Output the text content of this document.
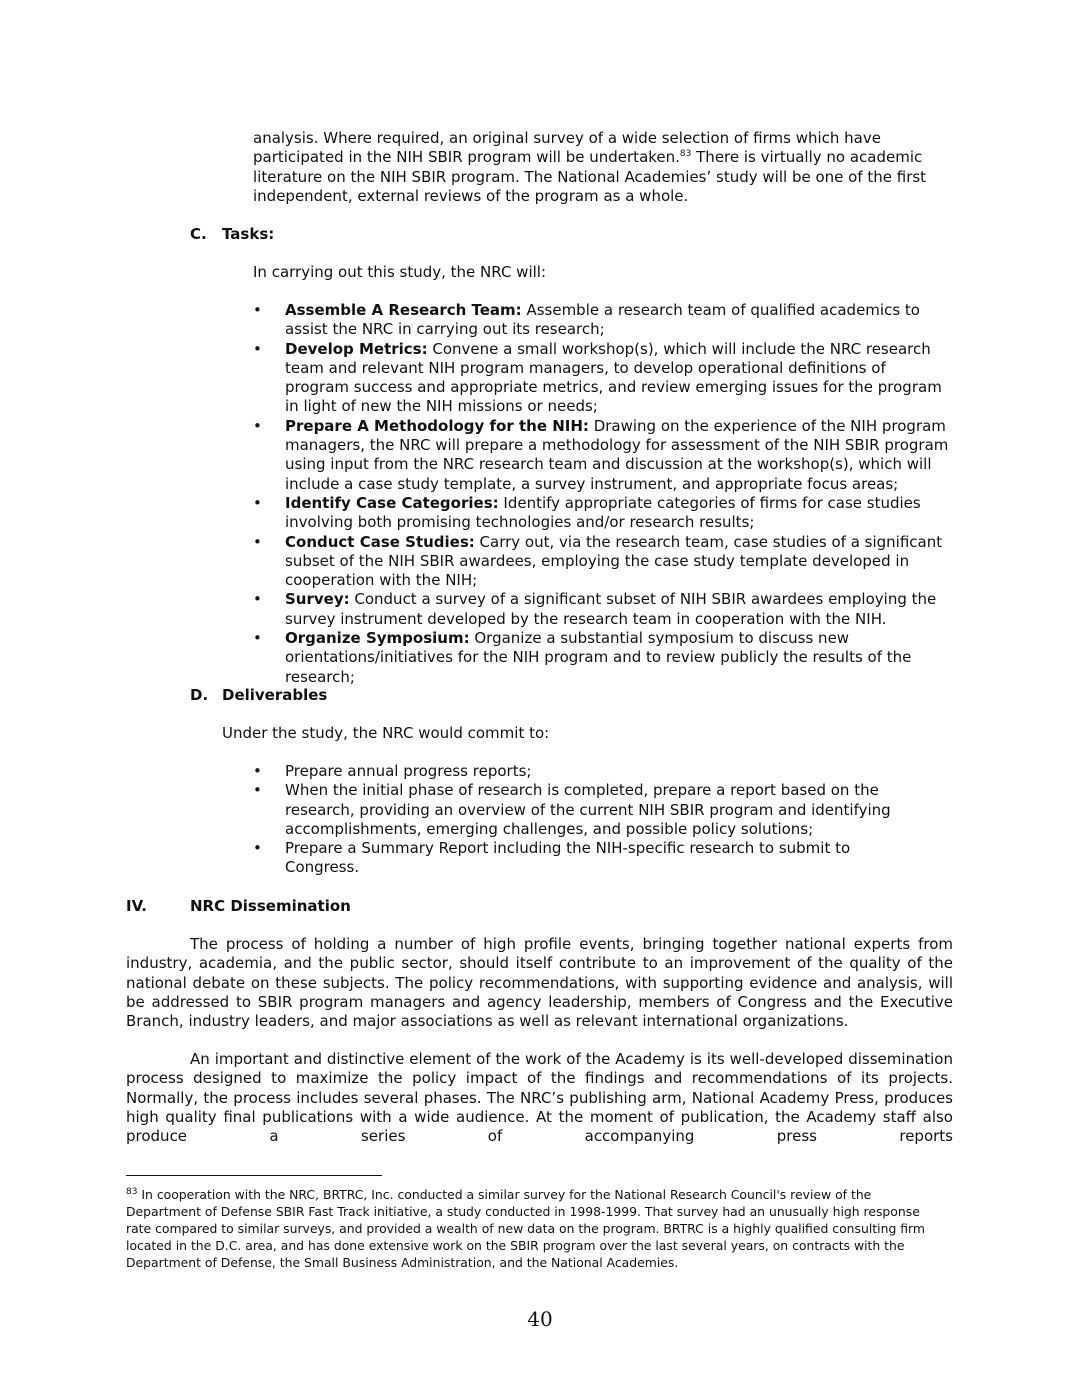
analysis. Where required, an original survey of a wide selection of firms which have participated in the NIH SBIR program will be undertaken.$^{83}$ There is virtually no academic literature on the NIH SBIR program. The National Academies’ study will be one of the first independent, external reviews of the program as a whole.

C. Tasks:

In carrying out this study, the NRC will:

• Assemble A Research Team: Assemble a research team of qualified academics to assist the NRC in carrying out its research;
• Develop Metrics: Convene a small workshop(s), which will include the NRC research team and relevant NIH program managers, to develop operational definitions of program success and appropriate metrics, and review emerging issues for the program in light of new the NIH missions or needs;
• Prepare A Methodology for the NIH: Drawing on the experience of the NIH program managers, the NRC will prepare a methodology for assessment of the NIH SBIR program using input from the NRC research team and discussion at the workshop(s), which will include a case study template, a survey instrument, and appropriate focus areas;
• Identify Case Categories: Identify appropriate categories of firms for case studies involving both promising technologies and/or research results;
• Conduct Case Studies: Carry out, via the research team, case studies of a significant subset of the NIH SBIR awardees, employing the case study template developed in cooperation with the NIH;
• Survey: Conduct a survey of a significant subset of NIH SBIR awardees employing the survey instrument developed by the research team in cooperation with the NIH.
• Organize Symposium: Organize a substantial symposium to discuss new orientations/initiatives for the NIH program and to review publicly the results of the research;
D. Deliverables

Under the study, the NRC would commit to:

• Prepare annual progress reports;
• When the initial phase of research is completed, prepare a report based on the research, providing an overview of the current NIH SBIR program and identifying accomplishments, emerging challenges, and possible policy solutions;
• Prepare a Summary Report including the NIH-specific research to submit to Congress.
IV.	NRC Dissemination

The process of holding a number of high profile events, bringing together national experts from industry, academia, and the public sector, should itself contribute to an improvement of the quality of the national debate on these subjects. The policy recommendations, with supporting evidence and analysis, will be addressed to SBIR program managers and agency leadership, members of Congress and the Executive Branch, industry leaders, and major associations as well as relevant international organizations.

An important and distinctive element of the work of the Academy is its well-developed dissemination process designed to maximize the policy impact of the findings and recommendations of its projects. Normally, the process includes several phases. The NRC’s publishing arm, National Academy Press, produces high quality final publications with a wide audience. At the moment of publication, the Academy staff also produce a series of accompanying press reports

$^{83}$ In cooperation with the NRC, BRTRC, Inc. conducted a similar survey for the National Research Council's review of the Department of Defense SBIR Fast Track initiative, a study conducted in 1998-1999. That survey had an unusually high response rate compared to similar surveys, and provided a wealth of new data on the program. BRTRC is a highly qualified consulting firm located in the D.C. area, and has done extensive work on the SBIR program over the last several years, on contracts with the Department of Defense, the Small Business Administration, and the National Academies.

40
